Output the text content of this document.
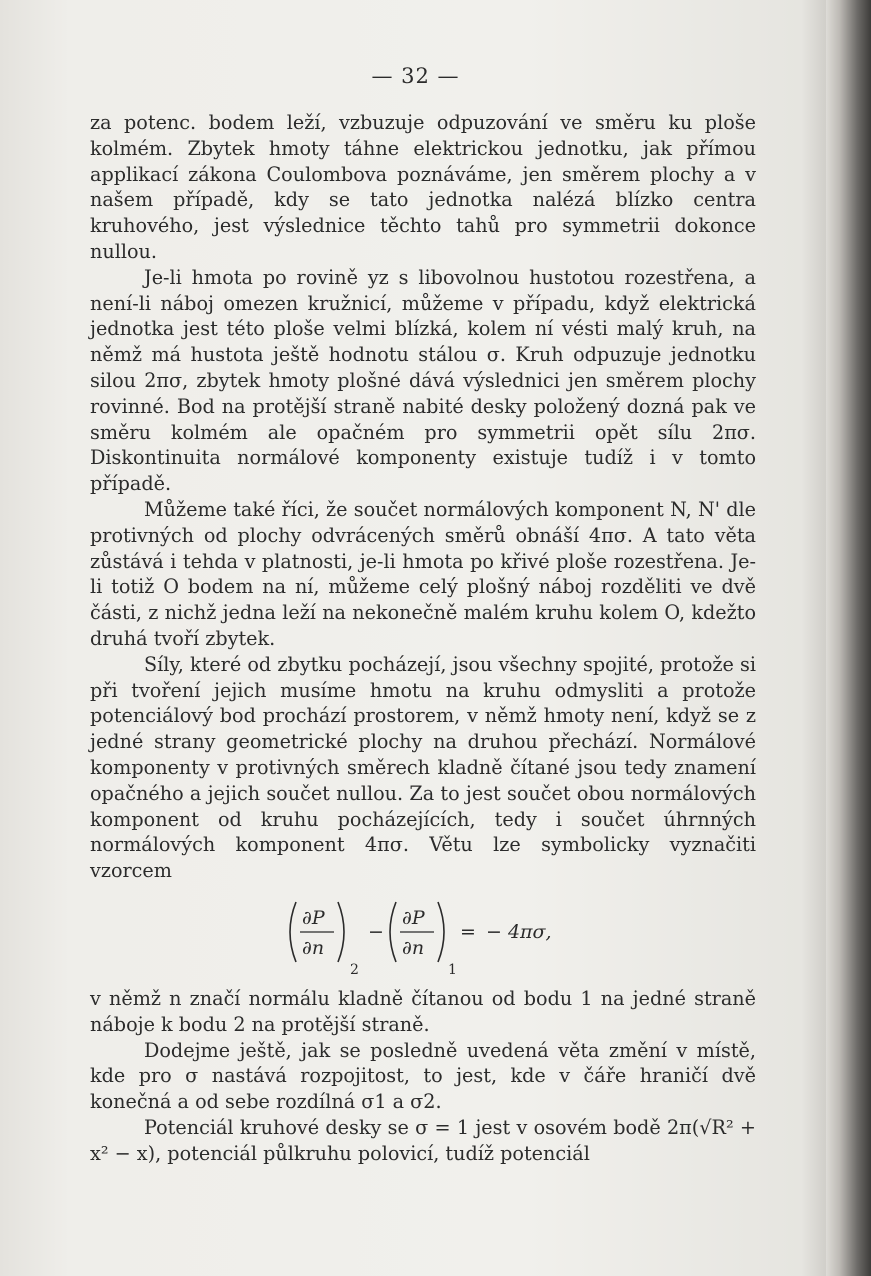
— 32 —

za potenc. bodem leží, vzbuzuje odpuzování ve směru ku ploše kolmém. Zbytek hmoty táhne elektrickou jednotku, jak přímou applikací zákona Coulombova poznáváme, jen směrem plochy a v našem případě, kdy se tato jednotka nalézá blízko centra kruhového, jest výslednice těchto tahů pro symmetrii dokonce nullou.

Je-li hmota po rovině yz s libovolnou hustotou rozestřena, a není-li náboj omezen kružnicí, můžeme v případu, když elektrická jednotka jest této ploše velmi blízká, kolem ní vésti malý kruh, na němž má hustota ještě hodnotu stálou σ. Kruh odpuzuje jednotku silou 2πσ, zbytek hmoty plošné dává výslednici jen směrem plochy rovinné. Bod na protější straně nabité desky položený dozná pak ve směru kolmém ale opačném pro symmetrii opět sílu 2πσ. Diskontinuita normálové komponenty existuje tudíž i v tomto případě.

Můžeme také říci, že součet normálových komponent N, N' dle protivných od plochy odvrácených směrů obnáší 4πσ. A tato věta zůstává i tehda v platnosti, je-li hmota po křivé ploše rozestřena. Je-li totiž O bodem na ní, můžeme celý plošný náboj rozděliti ve dvě části, z nichž jedna leží na nekonečně malém kruhu kolem O, kdežto druhá tvoří zbytek.

Síly, které od zbytku pocházejí, jsou všechny spojité, protože si při tvoření jejich musíme hmotu na kruhu odmysliti a protože potenciálový bod prochází prostorem, v němž hmoty není, když se z jedné strany geometrické plochy na druhou přechází. Normálové komponenty v protivných směrech kladně čítané jsou tedy znamení opačného a jejich součet nullou. Za to jest součet obou normálových komponent od kruhu pocházejících, tedy i součet úhrnných normálových komponent 4πσ. Větu lze symbolicky vyznačiti vzorcem

∂P
∂n
2
−
∂P
∂n
1
= − 4πσ,

v němž n značí normálu kladně čítanou od bodu 1 na jedné straně náboje k bodu 2 na protější straně.

Dodejme ještě, jak se posledně uvedená věta změní v místě, kde pro σ nastává rozpojitost, to jest, kde v čáře hraničí dvě konečná a od sebe rozdílná σ1 a σ2.

Potenciál kruhové desky se σ = 1 jest v osovém bodě 2π(√R² + x² − x), potenciál půlkruhu polovicí, tudíž potenciál
